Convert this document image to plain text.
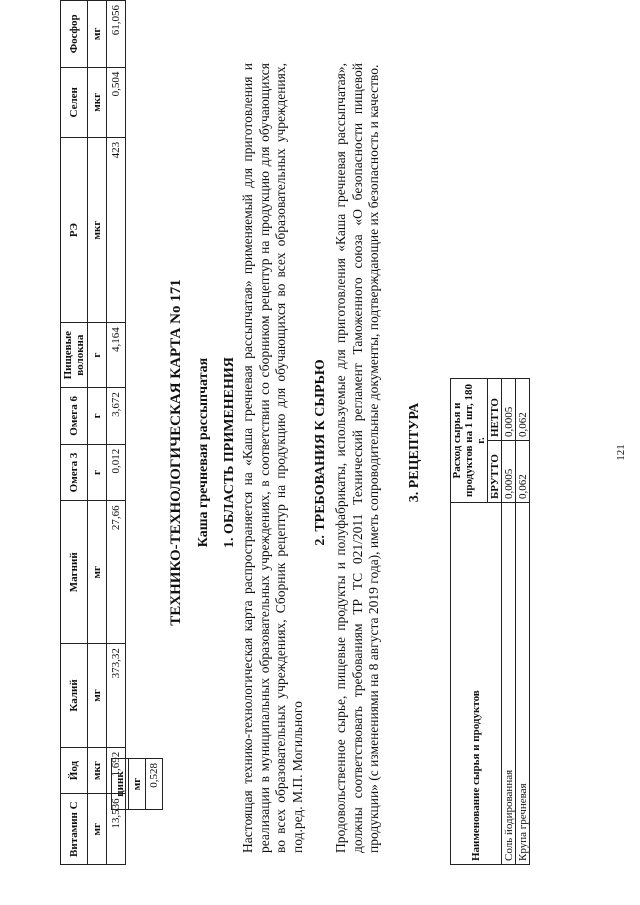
Витамин С	Йод	Калий	Магний	Омега 3	Омега 6	Пищевые волокна	РЭ	Селен	Фосфор
мг	мкг	мг	мг	г	г	г	мкг	мкг	мг
13,536	1,692	373,32	27,66	0,012	3,672	4,164	423	0,504	61,056
цинк
мг
0,528
ТЕХНИКО-ТЕХНОЛОГИЧЕСКАЯ КАРТА No 171 Каша гречневая рассыпчатая 1. ОБЛАСТЬ ПРИМЕНЕНИЯ Настоящая технико-технологическая карта распространяется на «Каша гречневая рассыпчатая» применяемый для приготовления и реализации в муниципальных образовательных учреждениях, в соответствии со сборником рецептур на продукцию для обучающихся во всех образовательных учреждениях, Сборник рецептур на продукцию для обучающихся во всех образовательных учреждениях, под.ред. М.П. Могильного

2. ТРЕБОВАНИЯ К СЫРЬЮ Продовольственное сырье, пищевые продукты и полуфабрикаты, используемые для приготовления «Каша гречневая рассыпчатая», должны соответствовать требованиям ТР ТС 021/2011 Технический регламент Таможенного союза «О безопасности пищевой продукции» (с изменениями на 8 августа 2019 года), иметь сопроводительные документы, подтверждающие их безопасность и качество. 3. РЕЦЕПТУРА
Наименование сырья и продуктов	Расход сырья и продуктов на 1 шт, 180 г.	
	БРУТТО	НЕТТО
Соль йодированная	0,0005	0,0005
Крупа гречневая	0,062	0,062
121
